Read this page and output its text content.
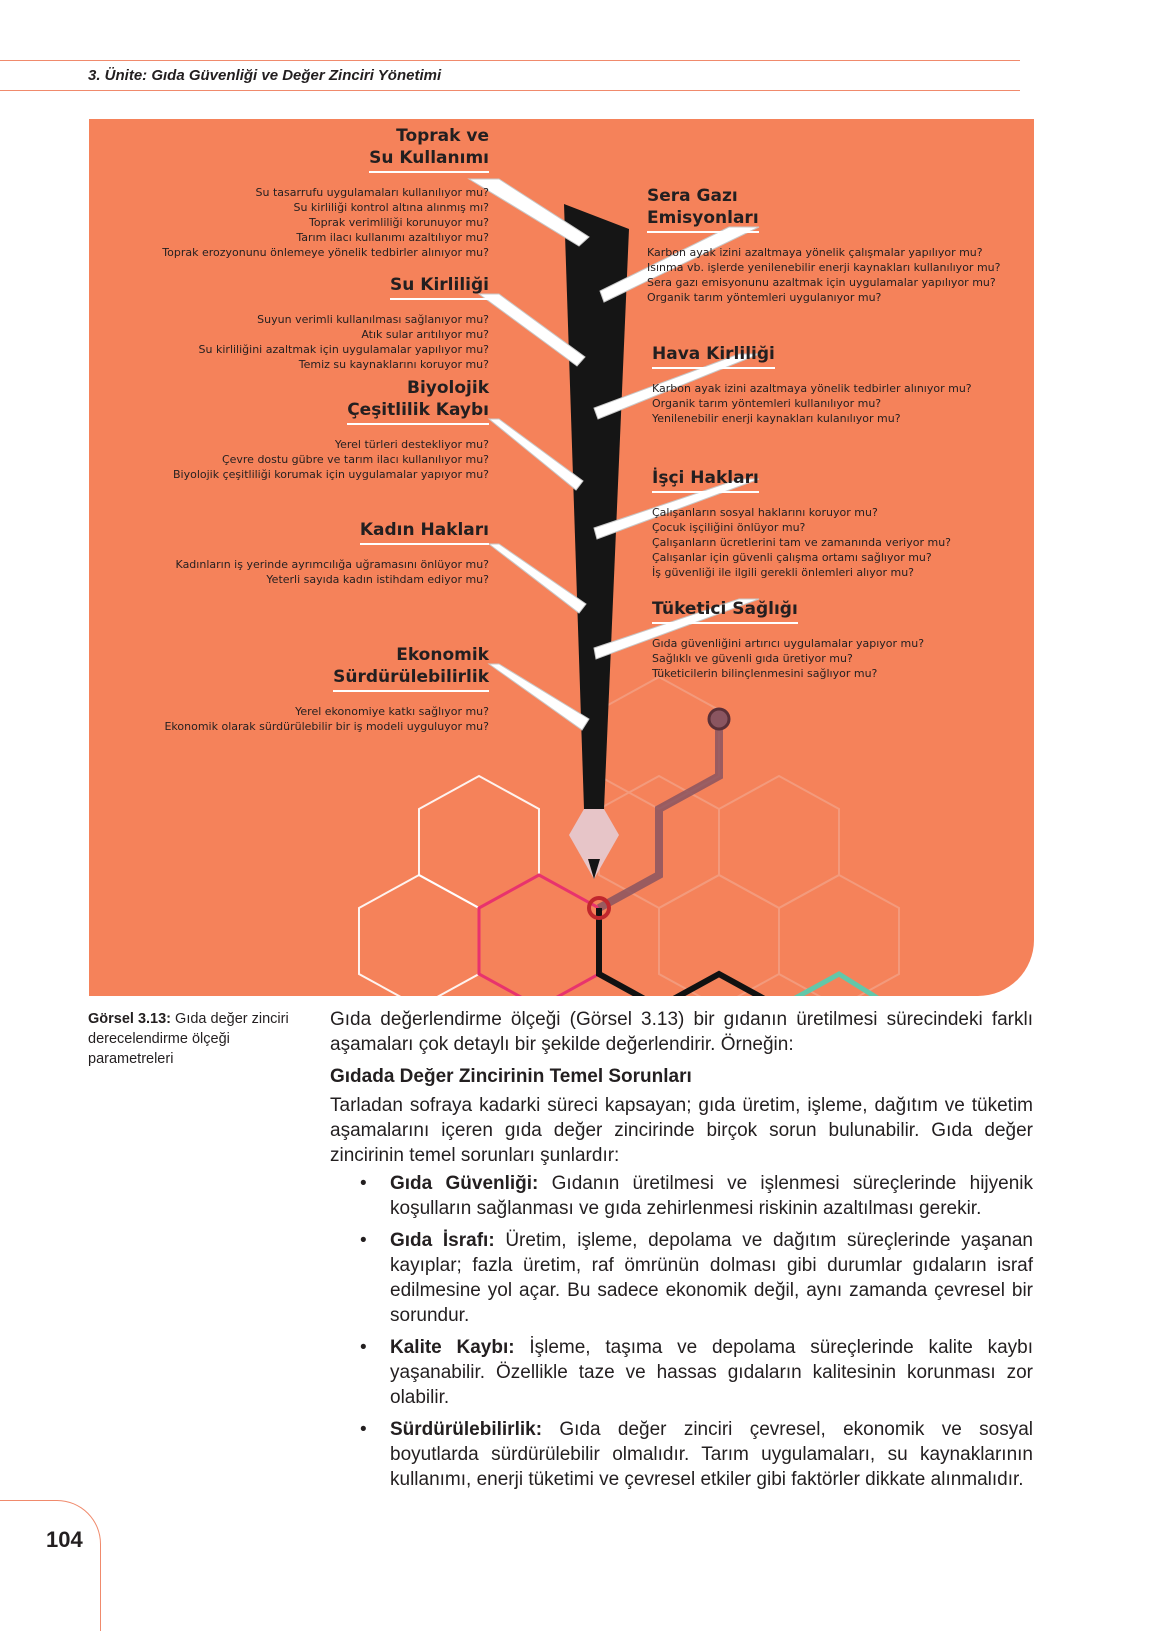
3. Ünite: Gıda Güvenliği ve Değer Zinciri Yönetimi
Toprak ve
Su Kullanımı
Su tasarrufu uygulamaları kullanılıyor mu?
Su kirliliği kontrol altına alınmış mı?
Toprak verimliliği korunuyor mu?
Tarım ilacı kullanımı azaltılıyor mu?
Toprak erozyonunu önlemeye yönelik tedbirler alınıyor mu?
Su Kirliliği
Suyun verimli kullanılması sağlanıyor mu?
Atık sular arıtılıyor mu?
Su kirliliğini azaltmak için uygulamalar yapılıyor mu?
Temiz su kaynaklarını koruyor mu?
Biyolojik
Çeşitlilik Kaybı
Yerel türleri destekliyor mu?
Çevre dostu gübre ve tarım ilacı kullanılıyor mu?
Biyolojik çeşitliliği korumak için uygulamalar yapıyor mu?
Kadın Hakları
Kadınların iş yerinde ayrımcılığa uğramasını önlüyor mu?
Yeterli sayıda kadın istihdam ediyor mu?
Ekonomik
Sürdürülebilirlik
Yerel ekonomiye katkı sağlıyor mu?
Ekonomik olarak sürdürülebilir bir iş modeli uyguluyor mu?
Sera Gazı
Emisyonları
Karbon ayak izini azaltmaya yönelik çalışmalar yapılıyor mu?
Isınma vb. işlerde yenilenebilir enerji kaynakları kullanılıyor mu?
Sera gazı emisyonunu azaltmak için uygulamalar yapılıyor mu?
Organik tarım yöntemleri uygulanıyor mu?
Hava Kirliliği
Karbon ayak izini azaltmaya yönelik tedbirler alınıyor mu?
Organik tarım yöntemleri kullanılıyor mu?
Yenilenebilir enerji kaynakları kulanılıyor mu?
İşçi Hakları
Çalışanların sosyal haklarını koruyor mu?
Çocuk işçiliğini önlüyor mu?
Çalışanların ücretlerini tam ve zamanında veriyor mu?
Çalışanlar için güvenli çalışma ortamı sağlıyor mu?
İş güvenliği ile ilgili gerekli önlemleri alıyor mu?
Tüketici Sağlığı
Gıda güvenliğini artırıcı uygulamalar yapıyor mu?
Sağlıklı ve güvenli gıda üretiyor mu?
Tüketicilerin bilinçlenmesini sağlıyor mu?
Görsel 3.13: Gıda değer zinciri derecelendirme ölçeği parametreleri

Gıda değerlendirme ölçeği (Görsel 3.13) bir gıdanın üretilmesi sürecindeki farklı aşamaları çok detaylı bir şekilde değerlendirir. Örneğin:

Gıdada Değer Zincirinin Temel Sorunları

Tarladan sofraya kadarki süreci kapsayan; gıda üretim, işleme, dağıtım ve tüketim aşamalarını içeren gıda değer zincirinde birçok sorun bulunabilir. Gıda değer zincirinin temel sorunları şunlardır:

• Gıda Güvenliği: Gıdanın üretilmesi ve işlenmesi süreçlerinde hijyenik koşulların sağlanması ve gıda zehirlenmesi riskinin azaltılması gerekir.
• Gıda İsrafı: Üretim, işleme, depolama ve dağıtım süreçlerinde yaşanan kayıplar; fazla üretim, raf ömrünün dolması gibi durumlar gıdaların israf edilmesine yol açar. Bu sadece ekonomik değil, aynı zamanda çevresel bir sorundur.
• Kalite Kaybı: İşleme, taşıma ve depolama süreçlerinde kalite kaybı yaşanabilir. Özellikle taze ve hassas gıdaların kalitesinin korunması zor olabilir.
• Sürdürülebilirlik: Gıda değer zinciri çevresel, ekonomik ve sosyal boyutlarda sürdürülebilir olmalıdır. Tarım uygulamaları, su kaynaklarının kullanımı, enerji tüketimi ve çevresel etkiler gibi faktörler dikkate alınmalıdır.
104
